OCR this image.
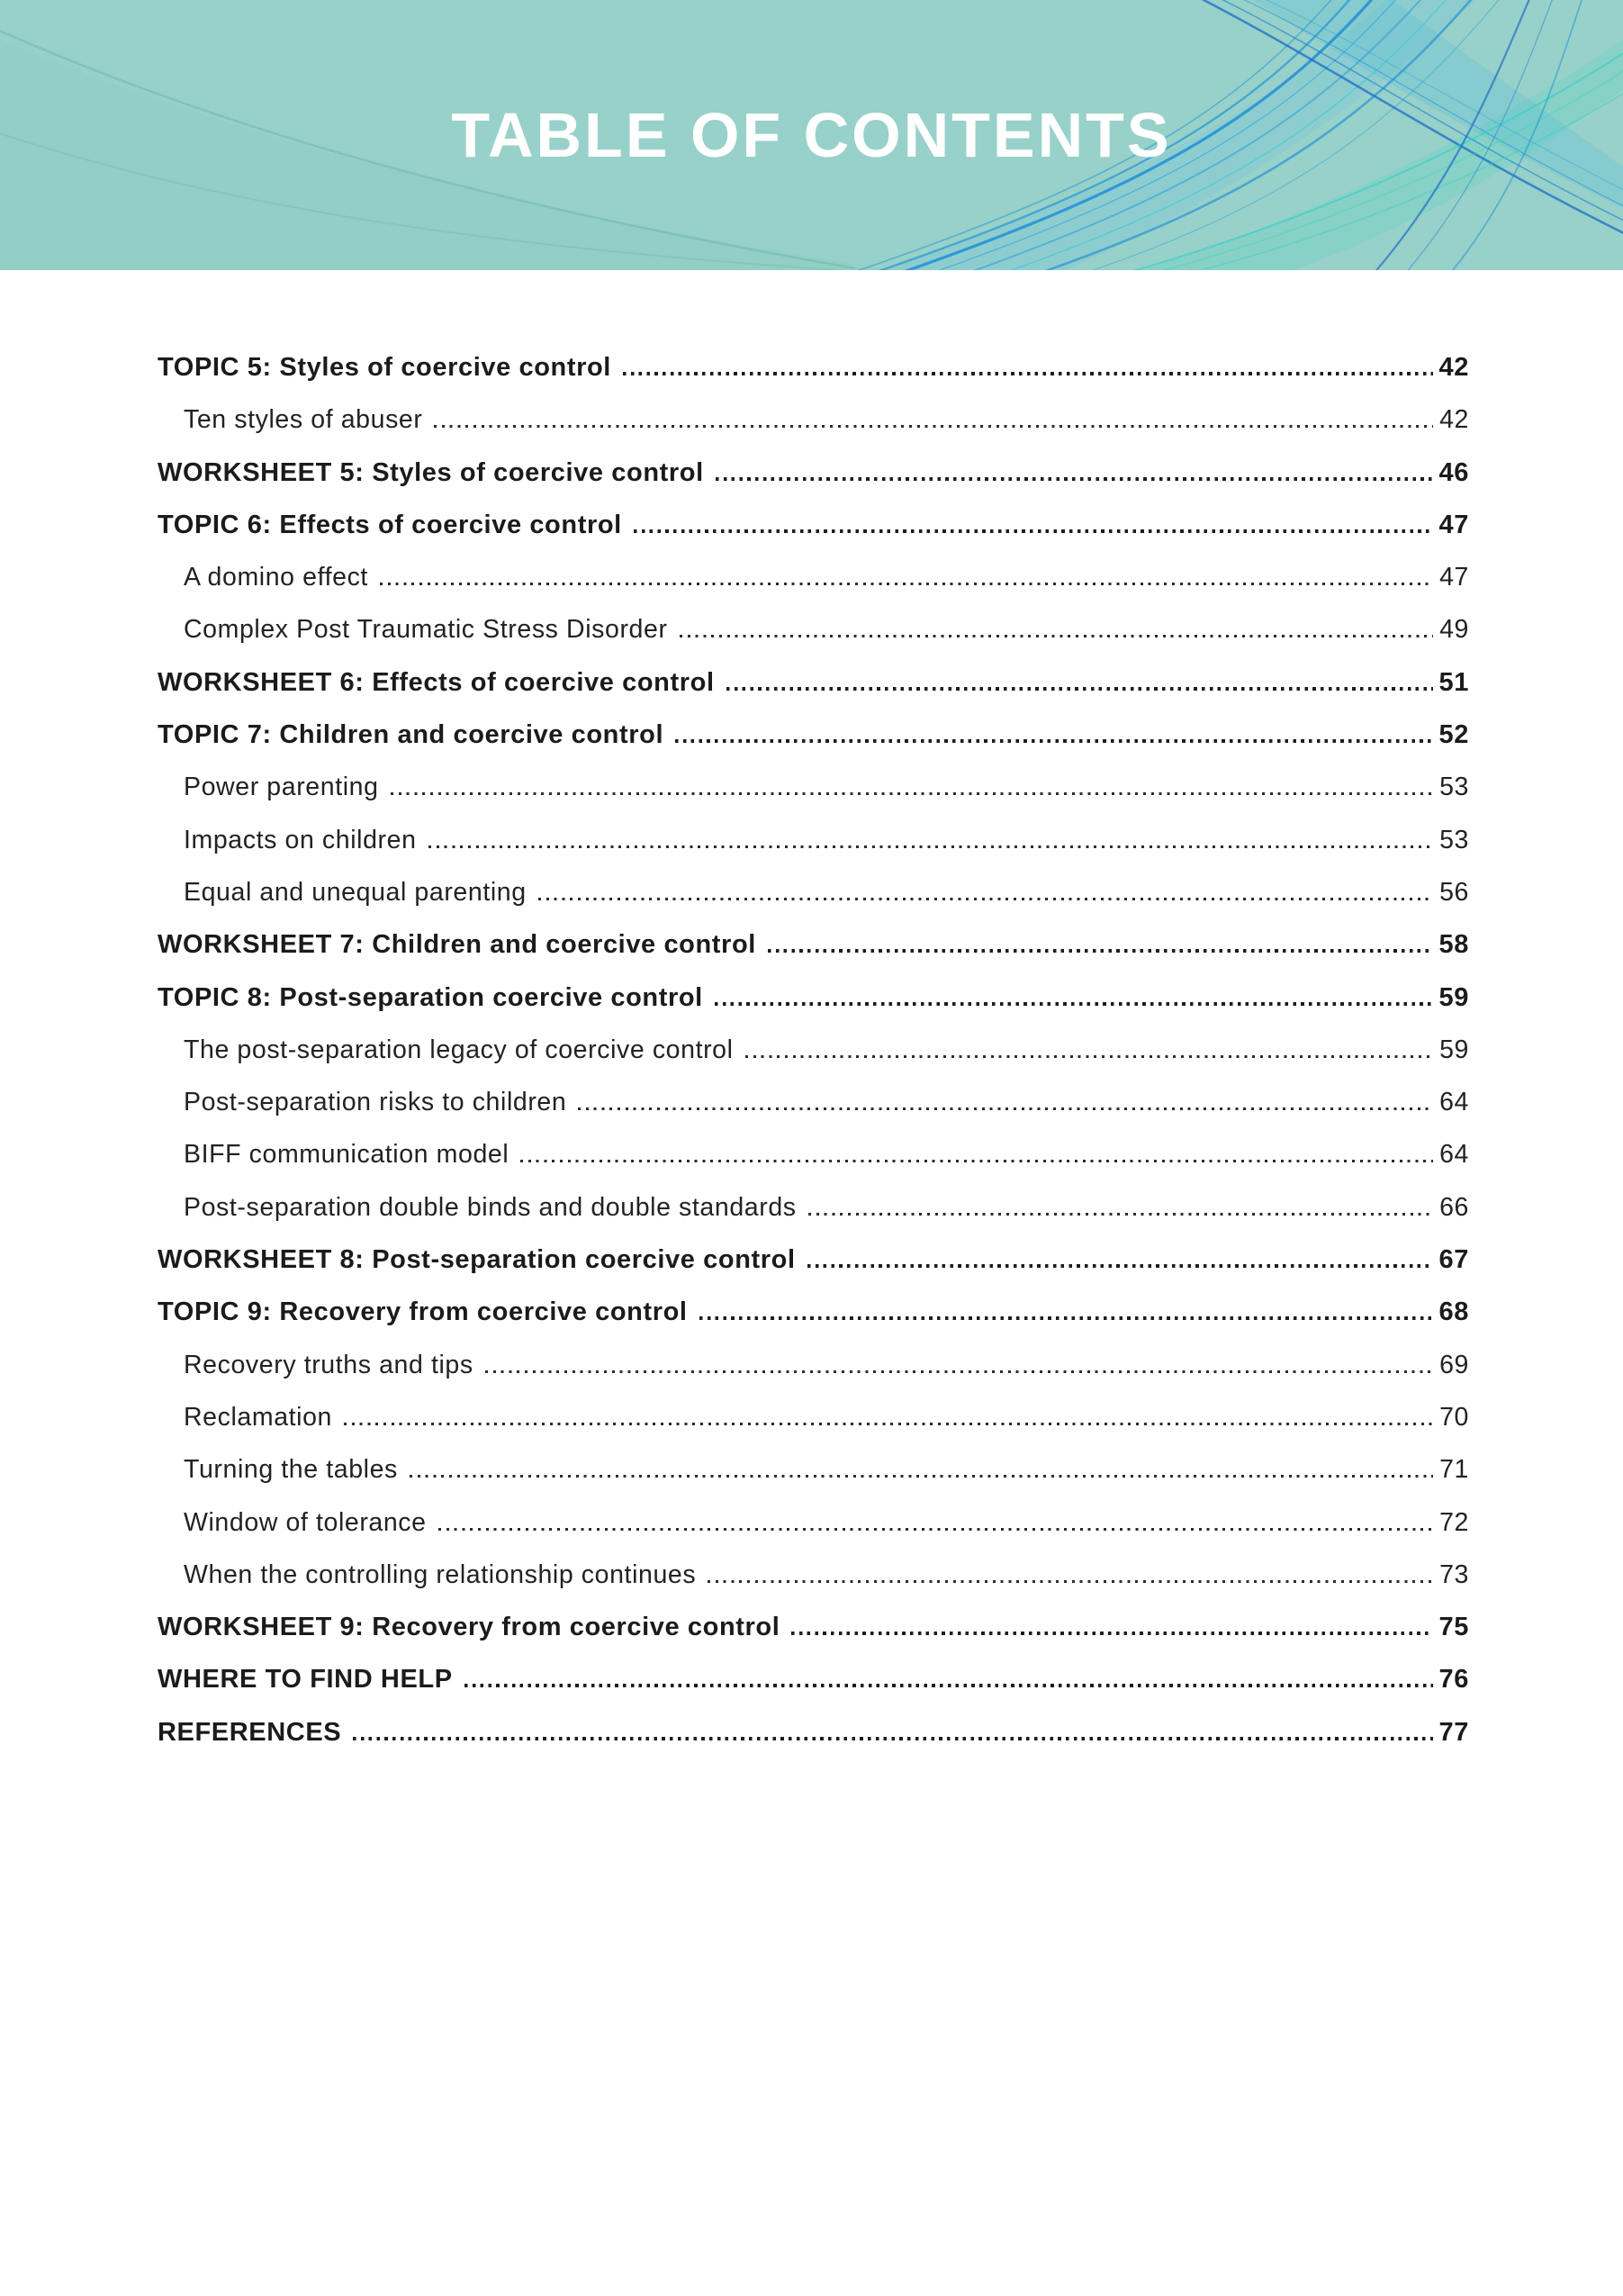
TABLE OF CONTENTS
TOPIC 5: Styles of coercive control	42
Ten styles of abuser	42
WORKSHEET 5: Styles of coercive control	46
TOPIC 6: Effects of coercive control	47
A domino effect	47
Complex Post Traumatic Stress Disorder	49
WORKSHEET 6: Effects of coercive control	51
TOPIC 7: Children and coercive control	52
Power parenting	53
Impacts on children	53
Equal and unequal parenting	56
WORKSHEET 7: Children and coercive control	58
TOPIC 8: Post-separation coercive control	59
The post-separation legacy of coercive control	59
Post-separation risks to children	64
BIFF communication model	64
Post-separation double binds and double standards	66
WORKSHEET 8: Post-separation coercive control	67
TOPIC 9: Recovery from coercive control	68
Recovery truths and tips	69
Reclamation	70
Turning the tables	71
Window of tolerance	72
When the controlling relationship continues	73
WORKSHEET 9: Recovery from coercive control	75
WHERE TO FIND HELP	76
REFERENCES	77
